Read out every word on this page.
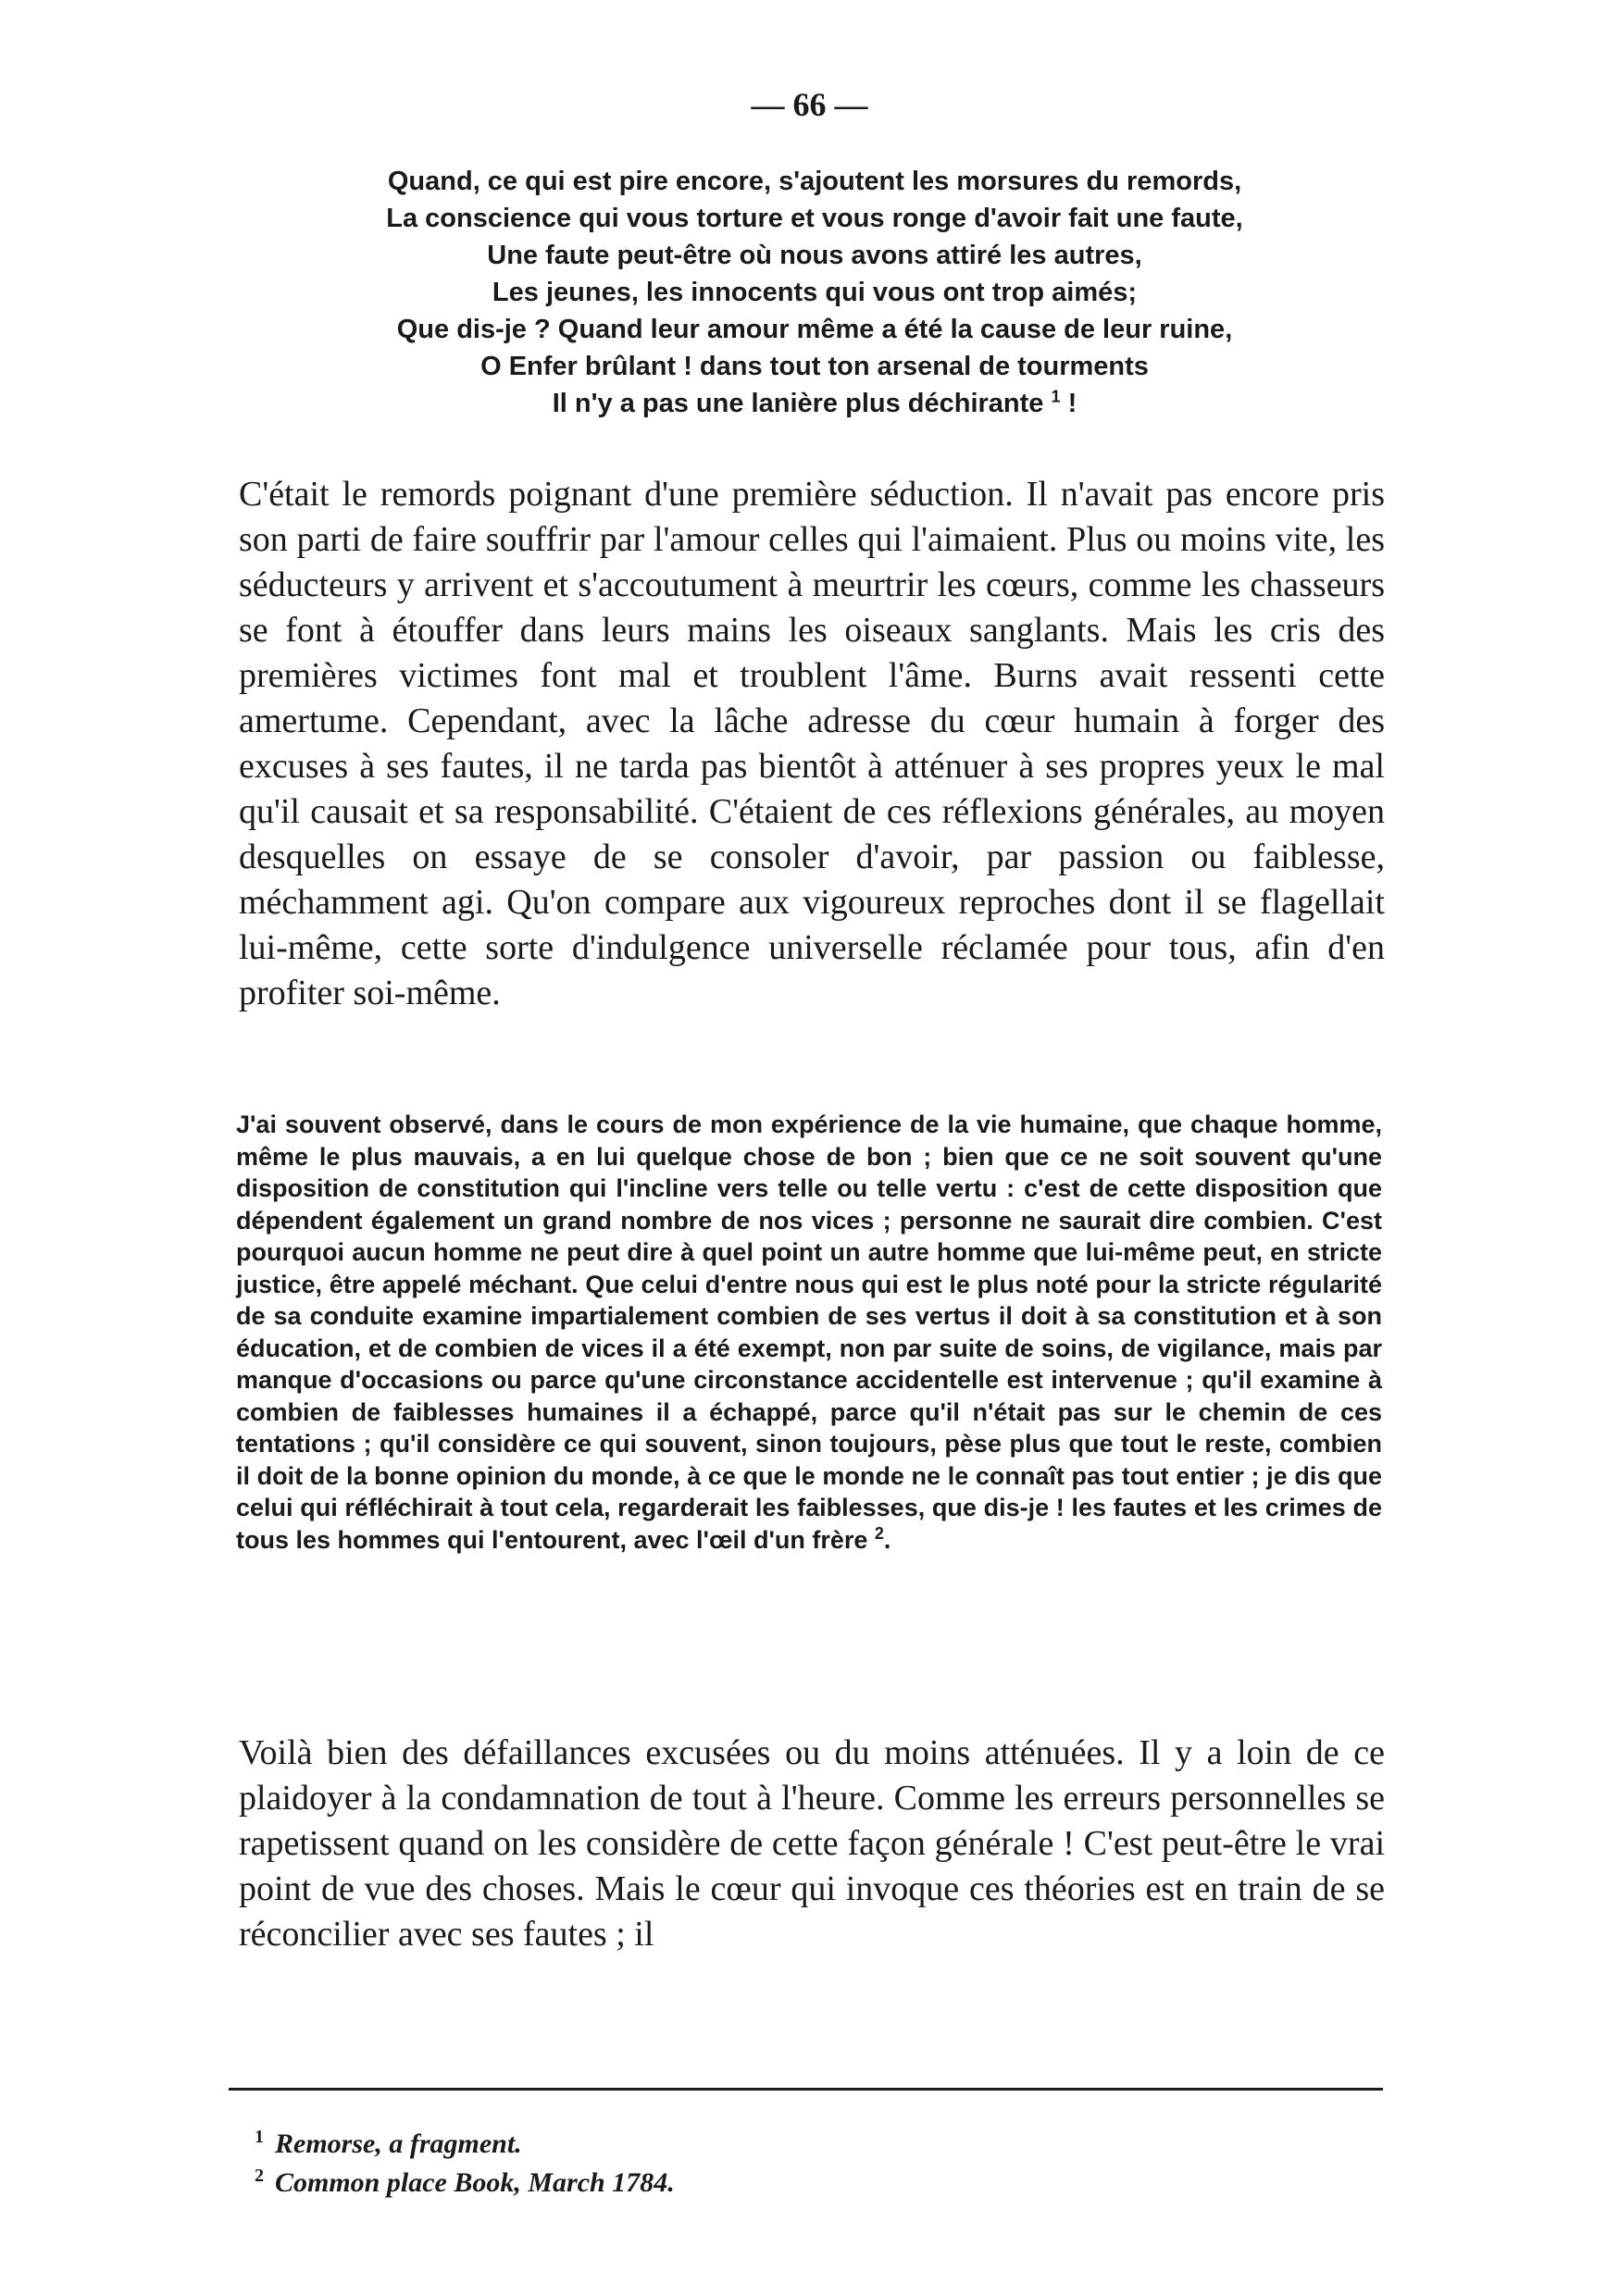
— 66 —
Quand, ce qui est pire encore, s'ajoutent les morsures du remords,
La conscience qui vous torture et vous ronge d'avoir fait une faute,
Une faute peut-être où nous avons attiré les autres,
Les jeunes, les innocents qui vous ont trop aimés;
Que dis-je ? Quand leur amour même a été la cause de leur ruine,
O Enfer brûlant ! dans tout ton arsenal de tourments
Il n'y a pas une lanière plus déchirante $^1$ !

C'était le remords poignant d'une première séduction. Il n'avait pas encore pris son parti de faire souffrir par l'amour celles qui l'aimaient. Plus ou moins vite, les séducteurs y arrivent et s'accoutument à meurtrir les cœurs, comme les chasseurs se font à étouffer dans leurs mains les oiseaux sanglants. Mais les cris des premières victimes font mal et troublent l'âme. Burns avait ressenti cette amertume. Cependant, avec la lâche adresse du cœur humain à forger des excuses à ses fautes, il ne tarda pas bientôt à atténuer à ses propres yeux le mal qu'il causait et sa responsabilité. C'étaient de ces réflexions générales, au moyen desquelles on essaye de se consoler d'avoir, par passion ou faiblesse, méchamment agi. Qu'on compare aux vigoureux reproches dont il se flagellait lui-même, cette sorte d'indulgence universelle réclamée pour tous, afin d'en profiter soi-même.

J'ai souvent observé, dans le cours de mon expérience de la vie humaine, que chaque homme, même le plus mauvais, a en lui quelque chose de bon ; bien que ce ne soit souvent qu'une disposition de constitution qui l'incline vers telle ou telle vertu : c'est de cette disposition que dépendent également un grand nombre de nos vices ; personne ne saurait dire combien. C'est pourquoi aucun homme ne peut dire à quel point un autre homme que lui-même peut, en stricte justice, être appelé méchant. Que celui d'entre nous qui est le plus noté pour la stricte régularité de sa conduite examine impartialement combien de ses vertus il doit à sa constitution et à son éducation, et de combien de vices il a été exempt, non par suite de soins, de vigilance, mais par manque d'occasions ou parce qu'une circonstance accidentelle est intervenue ; qu'il examine à combien de faiblesses humaines il a échappé, parce qu'il n'était pas sur le chemin de ces tentations ; qu'il considère ce qui souvent, sinon toujours, pèse plus que tout le reste, combien il doit de la bonne opinion du monde, à ce que le monde ne le connaît pas tout entier ; je dis que celui qui réfléchirait à tout cela, regarderait les faiblesses, que dis-je ! les fautes et les crimes de tous les hommes qui l'entourent, avec l'œil d'un frère $^2$.

Voilà bien des défaillances excusées ou du moins atténuées. Il y a loin de ce plaidoyer à la condamnation de tout à l'heure. Comme les erreurs personnelles se rapetissent quand on les considère de cette façon générale ! C'est peut-être le vrai point de vue des choses. Mais le cœur qui invoque ces théories est en train de se réconcilier avec ses fautes ; il

$^1$ Remorse, a fragment.
$^2$ Common place Book, March 1784.
